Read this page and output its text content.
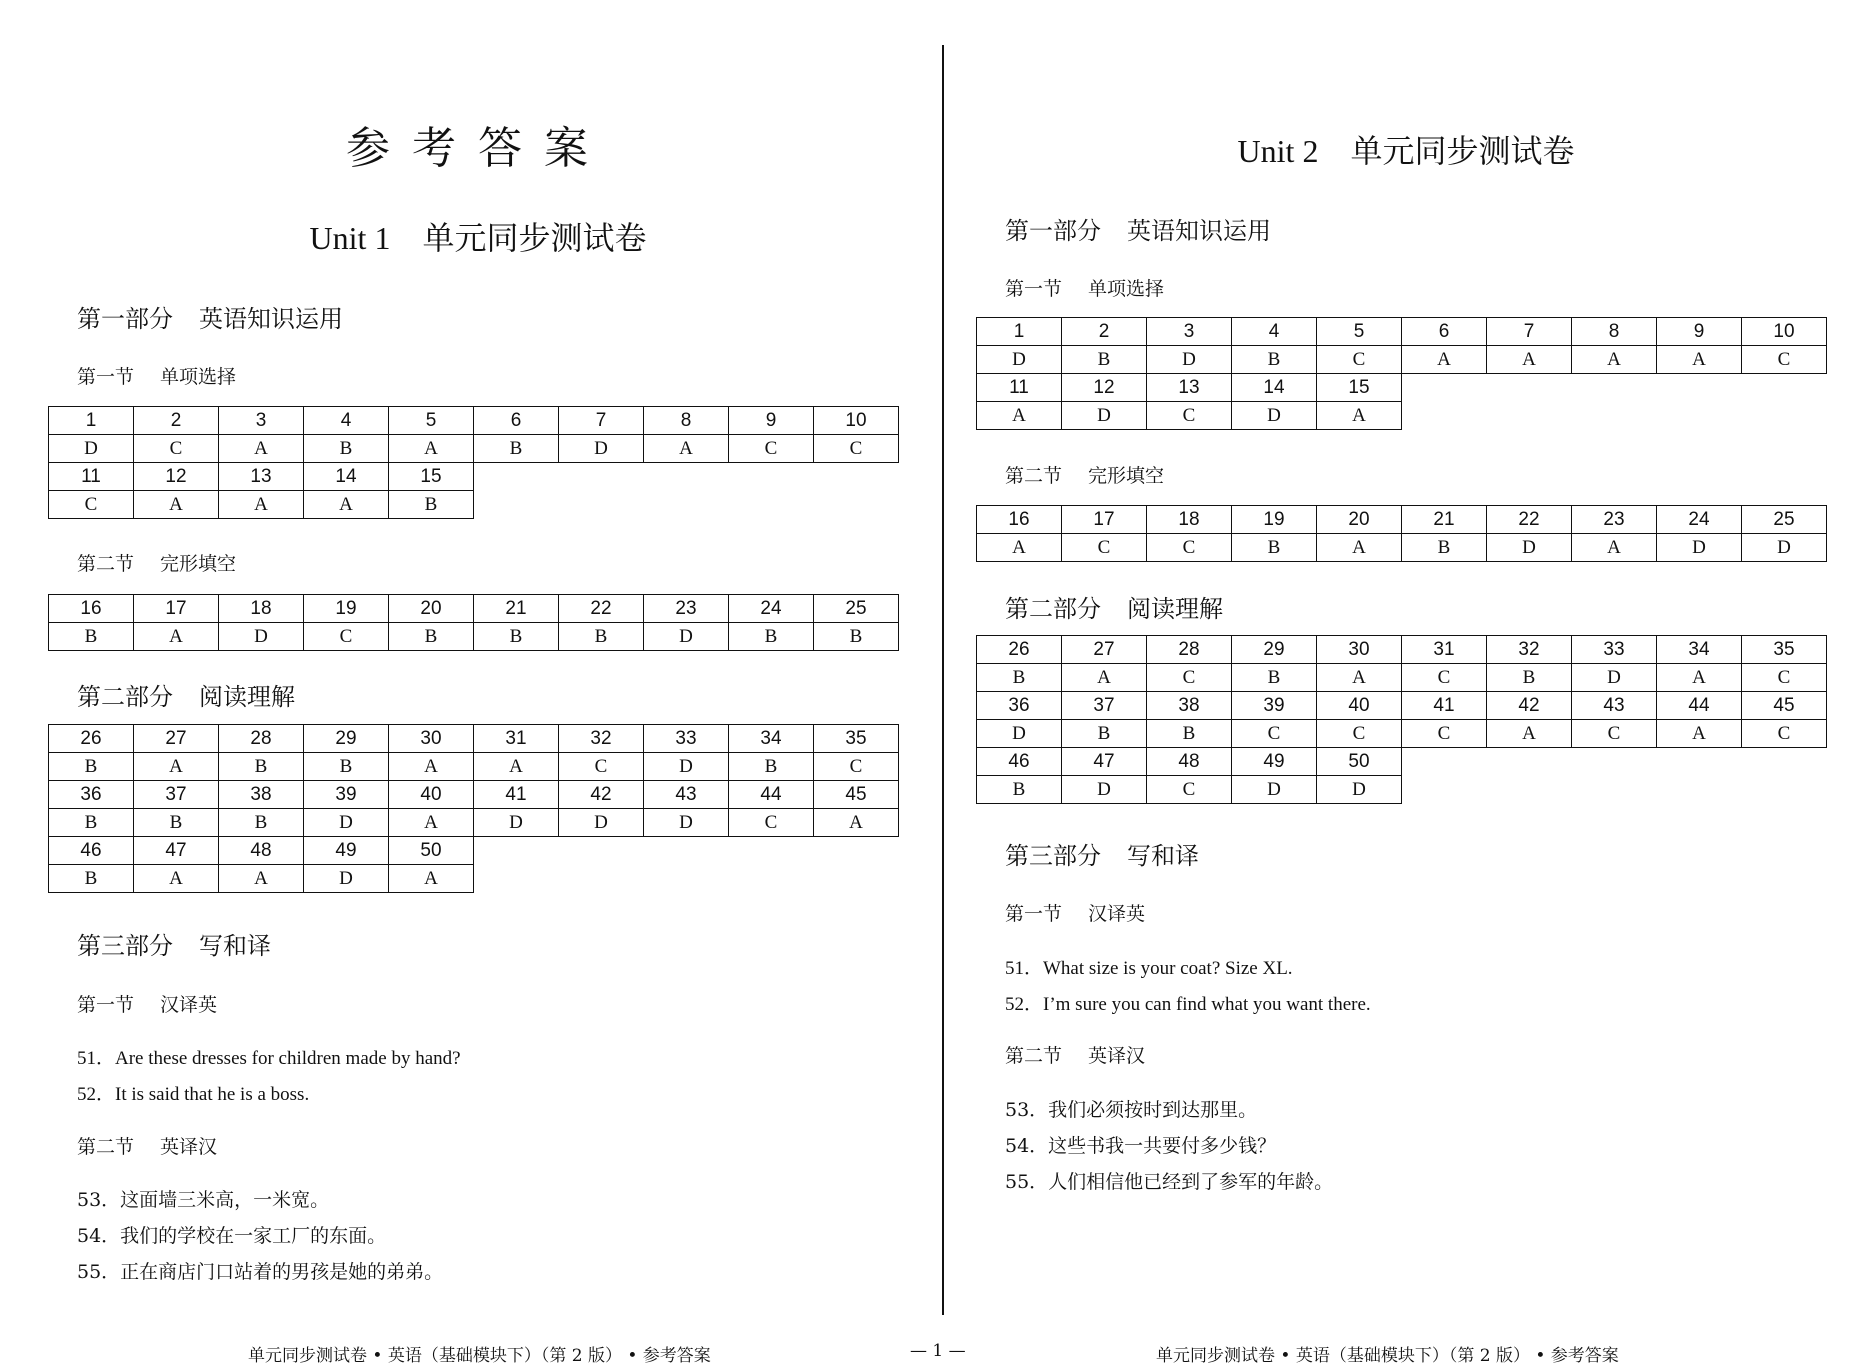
参考答案
Unit 1 单元同步测试卷
第一部分 英语知识运用
第一节 单项选择
1	2	3	4	5	6	7	8	9	10
D	C	A	B	A	B	D	A	C	C
11	12	13	14	15					
C	A	A	A	B					
第二节 完形填空
16	17	18	19	20	21	22	23	24	25
B	A	D	C	B	B	B	D	B	B
第二部分 阅读理解
26	27	28	29	30	31	32	33	34	35
B	A	B	B	A	A	C	D	B	C
36	37	38	39	40	41	42	43	44	45
B	B	B	D	A	D	D	D	C	A
46	47	48	49	50					
B	A	A	D	A					
第三部分 写和译
第一节 汉译英
51．Are these dresses for children made by hand?
52．It is said that he is a boss.
第二节 英译汉
53．这面墙三米高，一米宽。
54．我们的学校在一家工厂的东面。
55．正在商店门口站着的男孩是她的弟弟。
Unit 2 单元同步测试卷
第一部分 英语知识运用
第一节 单项选择
1	2	3	4	5	6	7	8	9	10
D	B	D	B	C	A	A	A	A	C
11	12	13	14	15					
A	D	C	D	A					
第二节 完形填空
16	17	18	19	20	21	22	23	24	25
A	C	C	B	A	B	D	A	D	D
第二部分 阅读理解
26	27	28	29	30	31	32	33	34	35
B	A	C	B	A	C	B	D	A	C
36	37	38	39	40	41	42	43	44	45
D	B	B	C	C	C	A	C	A	C
46	47	48	49	50					
B	D	C	D	D					
第三部分 写和译
第一节 汉译英
51．What size is your coat? Size XL.
52．I’m sure you can find what you want there.
第二节 英译汉
53．我们必须按时到达那里。
54．这些书我一共要付多少钱？
55．人们相信他已经到了参军的年龄。
单元同步测试卷 • 英语（基础模块下）（第 2 版） • 参考答案	— 1 —	单元同步测试卷 • 英语（基础模块下）（第 2 版） • 参考答案
